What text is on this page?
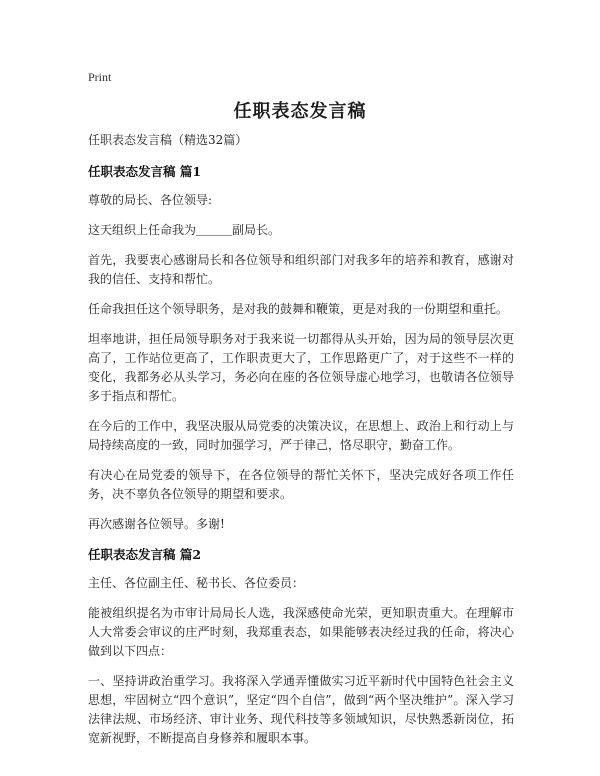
Print
任职表态发言稿

任职表态发言稿（精选32篇）

任职表态发言稿 篇1

尊敬的局长、各位领导:

这天组织上任命我为＿＿＿副局长。

首先，我要衷心感谢局长和各位领导和组织部门对我多年的培养和教育，感谢对我的信任、支持和帮忙。

任命我担任这个领导职务，是对我的鼓舞和鞭策，更是对我的一份期望和重托。

坦率地讲，担任局领导职务对于我来说一切都得从头开始，因为局的领导层次更高了，工作站位更高了，工作职责更大了，工作思路更广了，对于这些不一样的变化，我都务必从头学习，务必向在座的各位领导虚心地学习，也敬请各位领导多于指点和帮忙。

在今后的工作中，我坚决服从局党委的决策决议，在思想上、政治上和行动上与局持续高度的一致，同时加强学习，严于律己，恪尽职守，勤奋工作。

有决心在局党委的领导下，在各位领导的帮忙关怀下，坚决完成好各项工作任务，决不辜负各位领导的期望和要求。

再次感谢各位领导。多谢!

任职表态发言稿 篇2

主任、各位副主任、秘书长、各位委员：

能被组织提名为市审计局局长人选，我深感使命光荣，更知职责重大。在理解市人大常委会审议的庄严时刻，我郑重表态，如果能够表决经过我的任命，将决心做到以下四点：

一、坚持讲政治重学习。我将深入学通弄懂做实习近平新时代中国特色社会主义思想，牢固树立“四个意识”，坚定“四个自信”，做到“两个坚决维护”。深入学习法律法规、市场经济、审计业务、现代科技等多领域知识，尽快熟悉新岗位，拓宽新视野，不断提高自身修养和履职本事。
